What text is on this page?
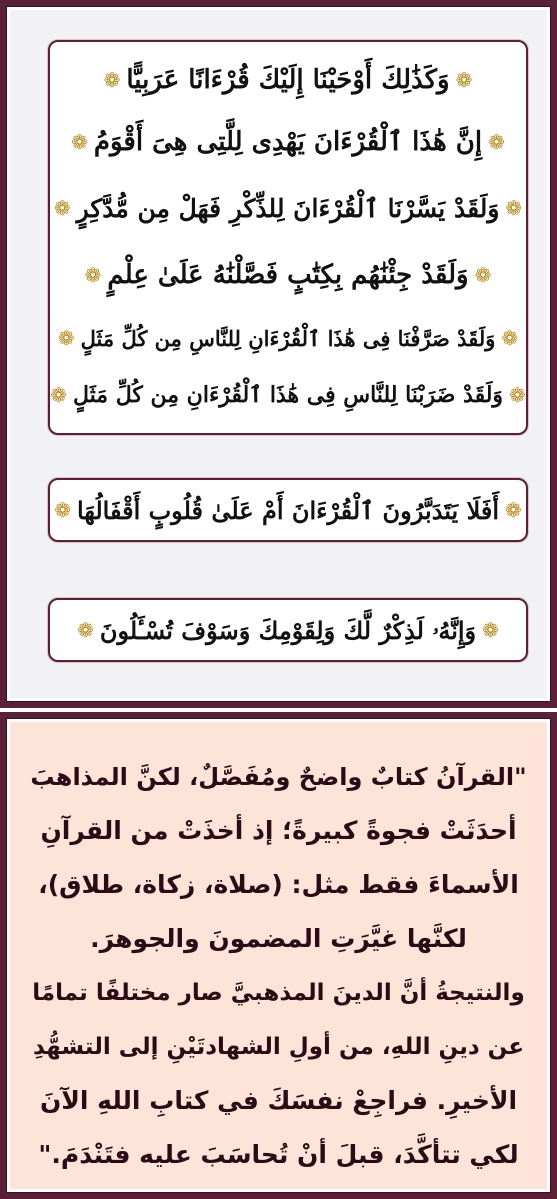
❁
وَكَذَٰلِكَ أَوْحَيْنَا إِلَيْكَ قُرْءَانًا عَرَبِيًّا
❁
❁
إِنَّ هَٰذَا ٱلْقُرْءَانَ يَهْدِى لِلَّتِى هِىَ أَقْوَمُ
❁
❁
وَلَقَدْ يَسَّرْنَا ٱلْقُرْءَانَ لِلذِّكْرِ فَهَلْ مِن مُّدَّكِرٍ
❁
❁
وَلَقَدْ جِئْنَٰهُم بِكِتَٰبٍ فَصَّلْنَٰهُ عَلَىٰ عِلْمٍ
❁
❁
وَلَقَدْ صَرَّفْنَا فِى هَٰذَا ٱلْقُرْءَانِ لِلنَّاسِ مِن كُلِّ مَثَلٍ
❁
❁
وَلَقَدْ ضَرَبْنَا لِلنَّاسِ فِى هَٰذَا ٱلْقُرْءَانِ مِن كُلِّ مَثَلٍ
❁
❁
أَفَلَا يَتَدَبَّرُونَ ٱلْقُرْءَانَ أَمْ عَلَىٰ قُلُوبٍ أَقْفَالُهَا
❁
❁
وَإِنَّهُۥ لَذِكْرٌ لَّكَ وَلِقَوْمِكَ وَسَوْفَ تُسْـَٔلُونَ
❁
"القرآنُ كتابٌ واضحٌ ومُفَصَّلٌ، لكنَّ المذاهبَ
أحدَثَتْ فجوةً كبيرةً؛ إذ أخذَتْ من القرآنِ
الأسماءَ فقط مثل: (صلاة، زكاة، طلاق)،
لكنَّها غيَّرَتِ المضمونَ والجوهرَ.
والنتيجةُ أنَّ الدينَ المذهبيَّ صار مختلفًا تمامًا
عن دينِ اللهِ، من أولِ الشهادتَيْنِ إلى التشهُّدِ
الأخيرِ. فراجِعْ نفسَكَ في كتابِ اللهِ الآنَ
لكي تتأكَّدَ، قبلَ أنْ تُحاسَبَ عليه فتَنْدَمَ."
